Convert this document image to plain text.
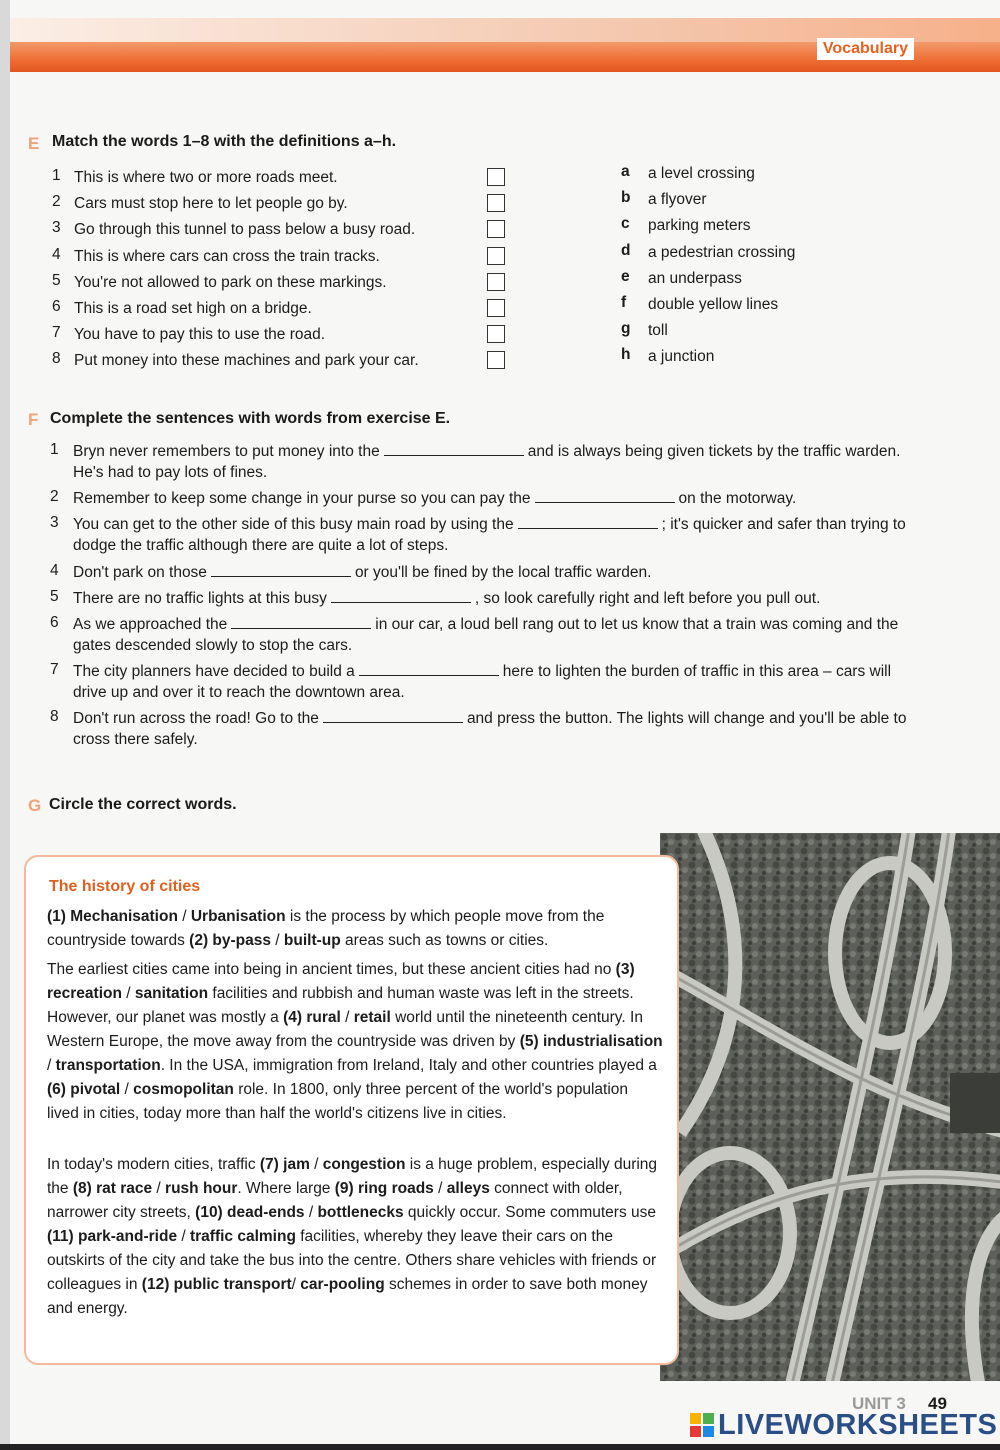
Vocabulary
E Match the words 1–8 with the definitions a–h.
1 This is where two or more roads meet.
2 Cars must stop here to let people go by.
3 Go through this tunnel to pass below a busy road.
4 This is where cars can cross the train tracks.
5 You're not allowed to park on these markings.
6 This is a road set high on a bridge.
7 You have to pay this to use the road.
8 Put money into these machines and park your car.
a a level crossing
b a flyover
c parking meters
d a pedestrian crossing
e an underpass
f double yellow lines
g toll
h a junction
F Complete the sentences with words from exercise E.
1 Bryn never remembers to put money into the	and is always being given tickets by the traffic warden. He's had to pay lots of fines.
2 Remember to keep some change in your purse so you can pay the	on the motorway.
3 You can get to the other side of this busy main road by using the	; it's quicker and safer than trying to dodge the traffic although there are quite a lot of steps.
4 Don't park on those	or you'll be fined by the local traffic warden.
5 There are no traffic lights at this busy	, so look carefully right and left before you pull out.
6 As we approached the	in our car, a loud bell rang out to let us know that a train was coming and the gates descended slowly to stop the cars.
7 The city planners have decided to build a	here to lighten the burden of traffic in this area – cars will drive up and over it to reach the downtown area.
8 Don't run across the road! Go to the	and press the button. The lights will change and you'll be able to cross there safely.
G Circle the correct words.
The history of cities
(1) Mechanisation / Urbanisation is the process by which people move from the countryside towards (2) by-pass / built-up areas such as towns or cities.
The earliest cities came into being in ancient times, but these ancient cities had no (3) recreation / sanitation facilities and rubbish and human waste was left in the streets. However, our planet was mostly a (4) rural / retail world until the nineteenth century. In Western Europe, the move away from the countryside was driven by (5) industrialisation / transportation. In the USA, immigration from Ireland, Italy and other countries played a (6) pivotal / cosmopolitan role. In 1800, only three percent of the world's population lived in cities, today more than half the world's citizens live in cities.
In today's modern cities, traffic (7) jam / congestion is a huge problem, especially during the (8) rat race / rush hour. Where large (9) ring roads / alleys connect with older, narrower city streets, (10) dead-ends / bottlenecks quickly occur. Some commuters use (11) park-and-ride / traffic calming facilities, whereby they leave their cars on the outskirts of the city and take the bus into the centre. Others share vehicles with friends or colleagues in (12) public transport/ car-pooling schemes in order to save both money and energy.
UNIT 3 49
LIVEWORKSHEETS
